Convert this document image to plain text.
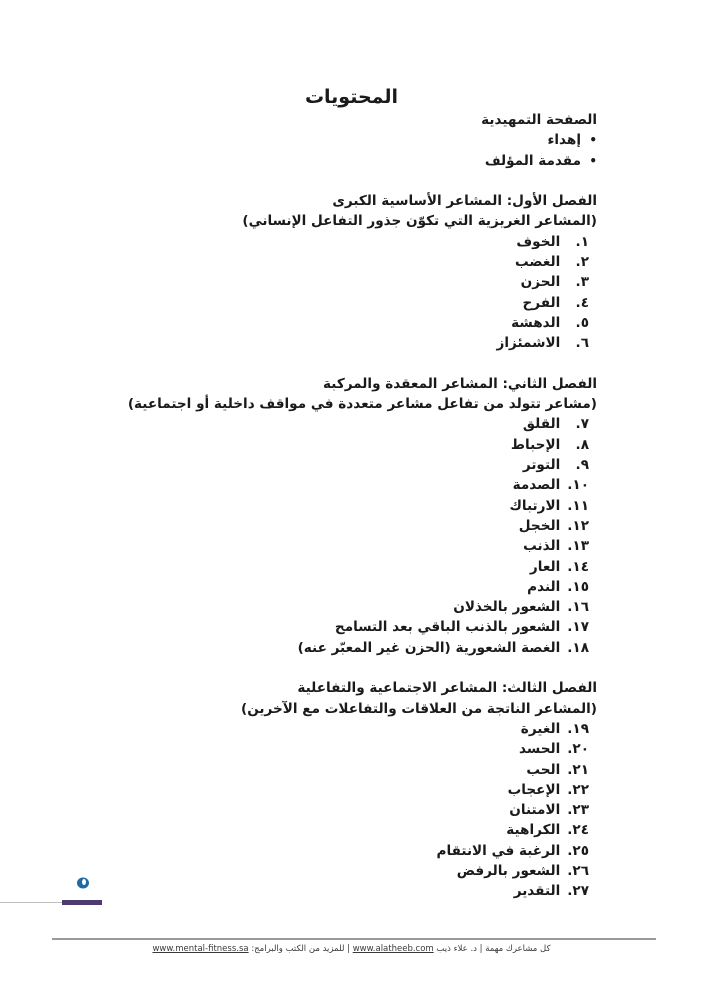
المحتويات
الصفحة التمهيدية
• إهداء
• مقدمة المؤلف
الفصل الأول: المشاعر الأساسية الكبرى
(المشاعر الغريزية التي تكوّن جذور التفاعل الإنساني)
١. الخوف
٢. الغضب
٣. الحزن
٤. الفرح
٥. الدهشة
٦. الاشمئزاز
الفصل الثاني: المشاعر المعقدة والمركبة
(مشاعر تتولد من تفاعل مشاعر متعددة في مواقف داخلية أو اجتماعية)
٧. القلق
٨. الإحباط
٩. التوتر
١٠. الصدمة
١١. الارتباك
١٢. الخجل
١٣. الذنب
١٤. العار
١٥. الندم
١٦. الشعور بالخذلان
١٧. الشعور بالذنب الباقي بعد التسامح
١٨. الغصة الشعورية (الحزن غير المعبّر عنه)
الفصل الثالث: المشاعر الاجتماعية والتفاعلية
(المشاعر الناتجة من العلاقات والتفاعلات مع الآخرين)
١٩. الغيرة
٢٠. الحسد
٢١. الحب
٢٢. الإعجاب
٢٣. الامتنان
٢٤. الكراهية
٢٥. الرغبة في الانتقام
٢٦. الشعور بالرفض
٢٧. التقدير
كل مشاعرك مهمة | د. علاء ذيب www.alatheeb.com | للمزيد من الكتب والبرامج: www.mental-fitness.sa
